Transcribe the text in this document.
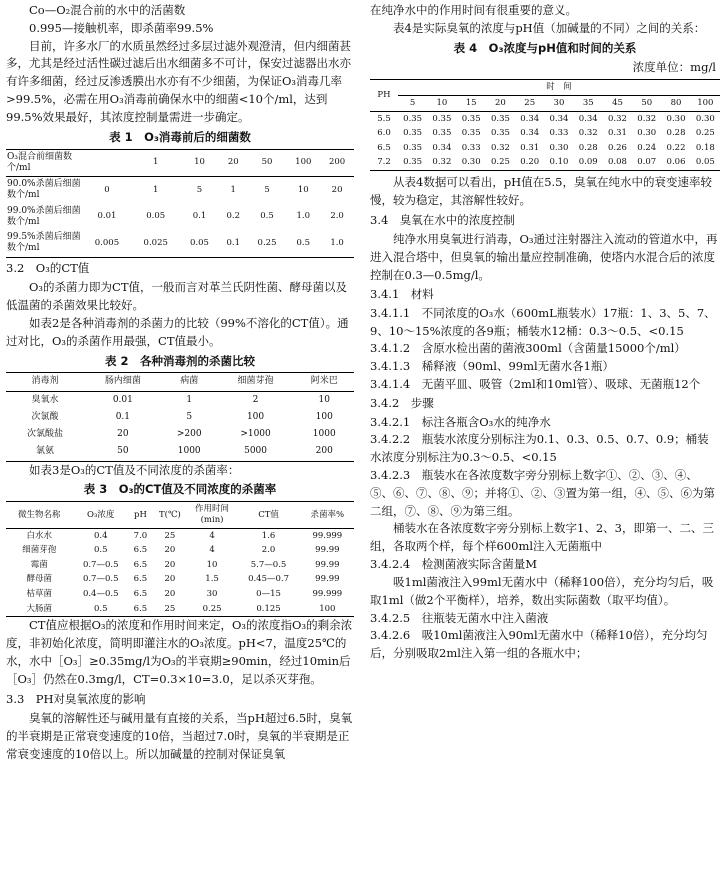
Co—O₂混合前的水中的活菌数

0.995—接触机率，即杀菌率99.5%

目前，许多水厂的水质虽然经过多层过滤外观澄清，但内细菌甚多，尤其是经过活性碳过滤后出水细菌多不可计，保安过滤器出水亦有许多细菌，经过反渗透膜出水亦有不少细菌，为保证O₃消毒几率>99.5%，必需在用O₃消毒前确保水中的细菌<10个/ml，达到99.5%效果最好，其浓度控制量需进一步确定。

表 1　O₃消毒前后的细菌数
O₃混合前细菌数个/ml		1	10	20	50	100	200
90.0%杀菌后细菌数个/ml	0	1	5	1	5	10	20
99.0%杀菌后细菌数个/ml	0.01	0.05	0.1	0.2	0.5	1.0	2.0
99.5%杀菌后细菌数个/ml	0.005	0.025	0.05	0.1	0.25	0.5	1.0

3.2　O₃的CT值

O₃的杀菌力即为CT值，一般而言对革兰氏阴性菌、酵母菌以及低温菌的杀菌效果比较好。

如表2是各种消毒剂的杀菌力的比较（99%不溶化的CT值）。通过对比，O₃的杀菌作用最强，CT值最小。

表 2　各种消毒剂的杀菌比较
消毒剂	肠内细菌	病菌	细菌芽孢	阿米巴
臭氧水	0.01	1	2	10
次氯酸	0.1	5	100	100
次氯酸盐	20	>200	>1000	1000
氯氨	50	1000	5000	200

如表3是O₃的CT值及不同浓度的杀菌率：

表 3　O₃的CT值及不同浓度的杀菌率
微生物名称	O₃浓度	pH	T(℃)	作用时间(min)	CT值	杀菌率%
白水水	0.4	7.0	25	4	1.6	99.999
细菌芽孢	0.5	6.5	20	4	2.0	99.99
霉菌	0.7—0.5	6.5	20	10	5.7—0.5	99.99
酵母菌	0.7—0.5	6.5	20	1.5	0.45—0.7	99.99
枯草菌	0.4—0.5	6.5	20	30	0—15	99.999
大肠菌	0.5	6.5	25	0.25	0.125	100

CT值应根据O₃的浓度和作用时间来定，O₃的浓度指O₃的剩余浓度，非初始化浓度，简明即灌注水的O₃浓度。pH<7，温度25℃的水，水中［O₃］≥0.35mg/l为O₃的半衰期≥90min，经过10min后［O₃］仍然在0.3mg/l，CT=0.3×10=3.0，足以杀灭芽孢。

3.3　PH对臭氧浓度的影响

臭氧的溶解性还与碱用量有直接的关系，当pH超过6.5时，臭氧的半衰期是正常衰变速度的10倍，当超过7.0时，臭氧的半衰期是正常衰变速度的10倍以上。所以加碱量的控制对保证臭氧

在纯净水中的作用时间有很重要的意义。

表4是实际臭氧的浓度与pH值（加碱量的不同）之间的关系：

表 4　O₃浓度与pH值和时间的关系
浓度单位：mg/l
PH	时　间										
	5	10	15	20	25	30	35	45	50	80	100
5.5	0.35	0.35	0.35	0.35	0.34	0.34	0.34	0.32	0.32	0.30	0.30
6.0	0.35	0.35	0.35	0.35	0.34	0.33	0.32	0.31	0.30	0.28	0.25
6.5	0.35	0.34	0.33	0.32	0.31	0.30	0.28	0.26	0.24	0.22	0.18
7.2	0.35	0.32	0.30	0.25	0.20	0.10	0.09	0.08	0.07	0.06	0.05

从表4数据可以看出，pH值在5.5，臭氧在纯水中的衰变速率较慢，较为稳定，其溶解性较好。

3.4　臭氧在水中的浓度控制

纯净水用臭氧进行消毒，O₃通过注射器注入流动的管道水中，再进入混合塔中，但臭氧的输出量应控制准确，使塔内水混合后的浓度控制在0.3—0.5mg/l。

3.4.1　材料

3.4.1.1　不同浓度的O₃水（600mL瓶装水）17瓶：1、3、5、7、9、10～15%浓度的各9瓶；桶装水12桶：0.3～0.5、<0.15

3.4.1.2　含原水检出菌的菌液300ml（含菌量15000个/ml）

3.4.1.3　稀释液（90ml、99ml无菌水各1瓶）

3.4.1.4　无菌平皿、吸管（2ml和10ml管）、吸球、无菌瓶12个

3.4.2　步骤

3.4.2.1　标注各瓶含O₃水的纯净水

3.4.2.2　瓶装水浓度分别标注为0.1、0.3、0.5、0.7、0.9；桶装水浓度分别标注为0.3～0.5、<0.15

3.4.2.3　瓶装水在各浓度数字旁分别标上数字①、②、③、④、⑤、⑥、⑦、⑧、⑨；并将①、②、③置为第一组，④、⑤、⑥为第二组，⑦、⑧、⑨为第三组。

桶装水在各浓度数字旁分别标上数字1、2、3，即第一、二、三组，各取两个样，每个样600ml注入无菌瓶中

3.4.2.4　检测菌液实际含菌量M

吸1ml菌液注入99ml无菌水中（稀释100倍），充分均匀后，吸取1ml（做2个平衡样），培养，数出实际菌数（取平均值）。

3.4.2.5　往瓶装无菌水中注入菌液

3.4.2.6　吸10ml菌液注入90ml无菌水中（稀释10倍），充分均匀后，分别吸取2ml注入第一组的各瓶水中；
